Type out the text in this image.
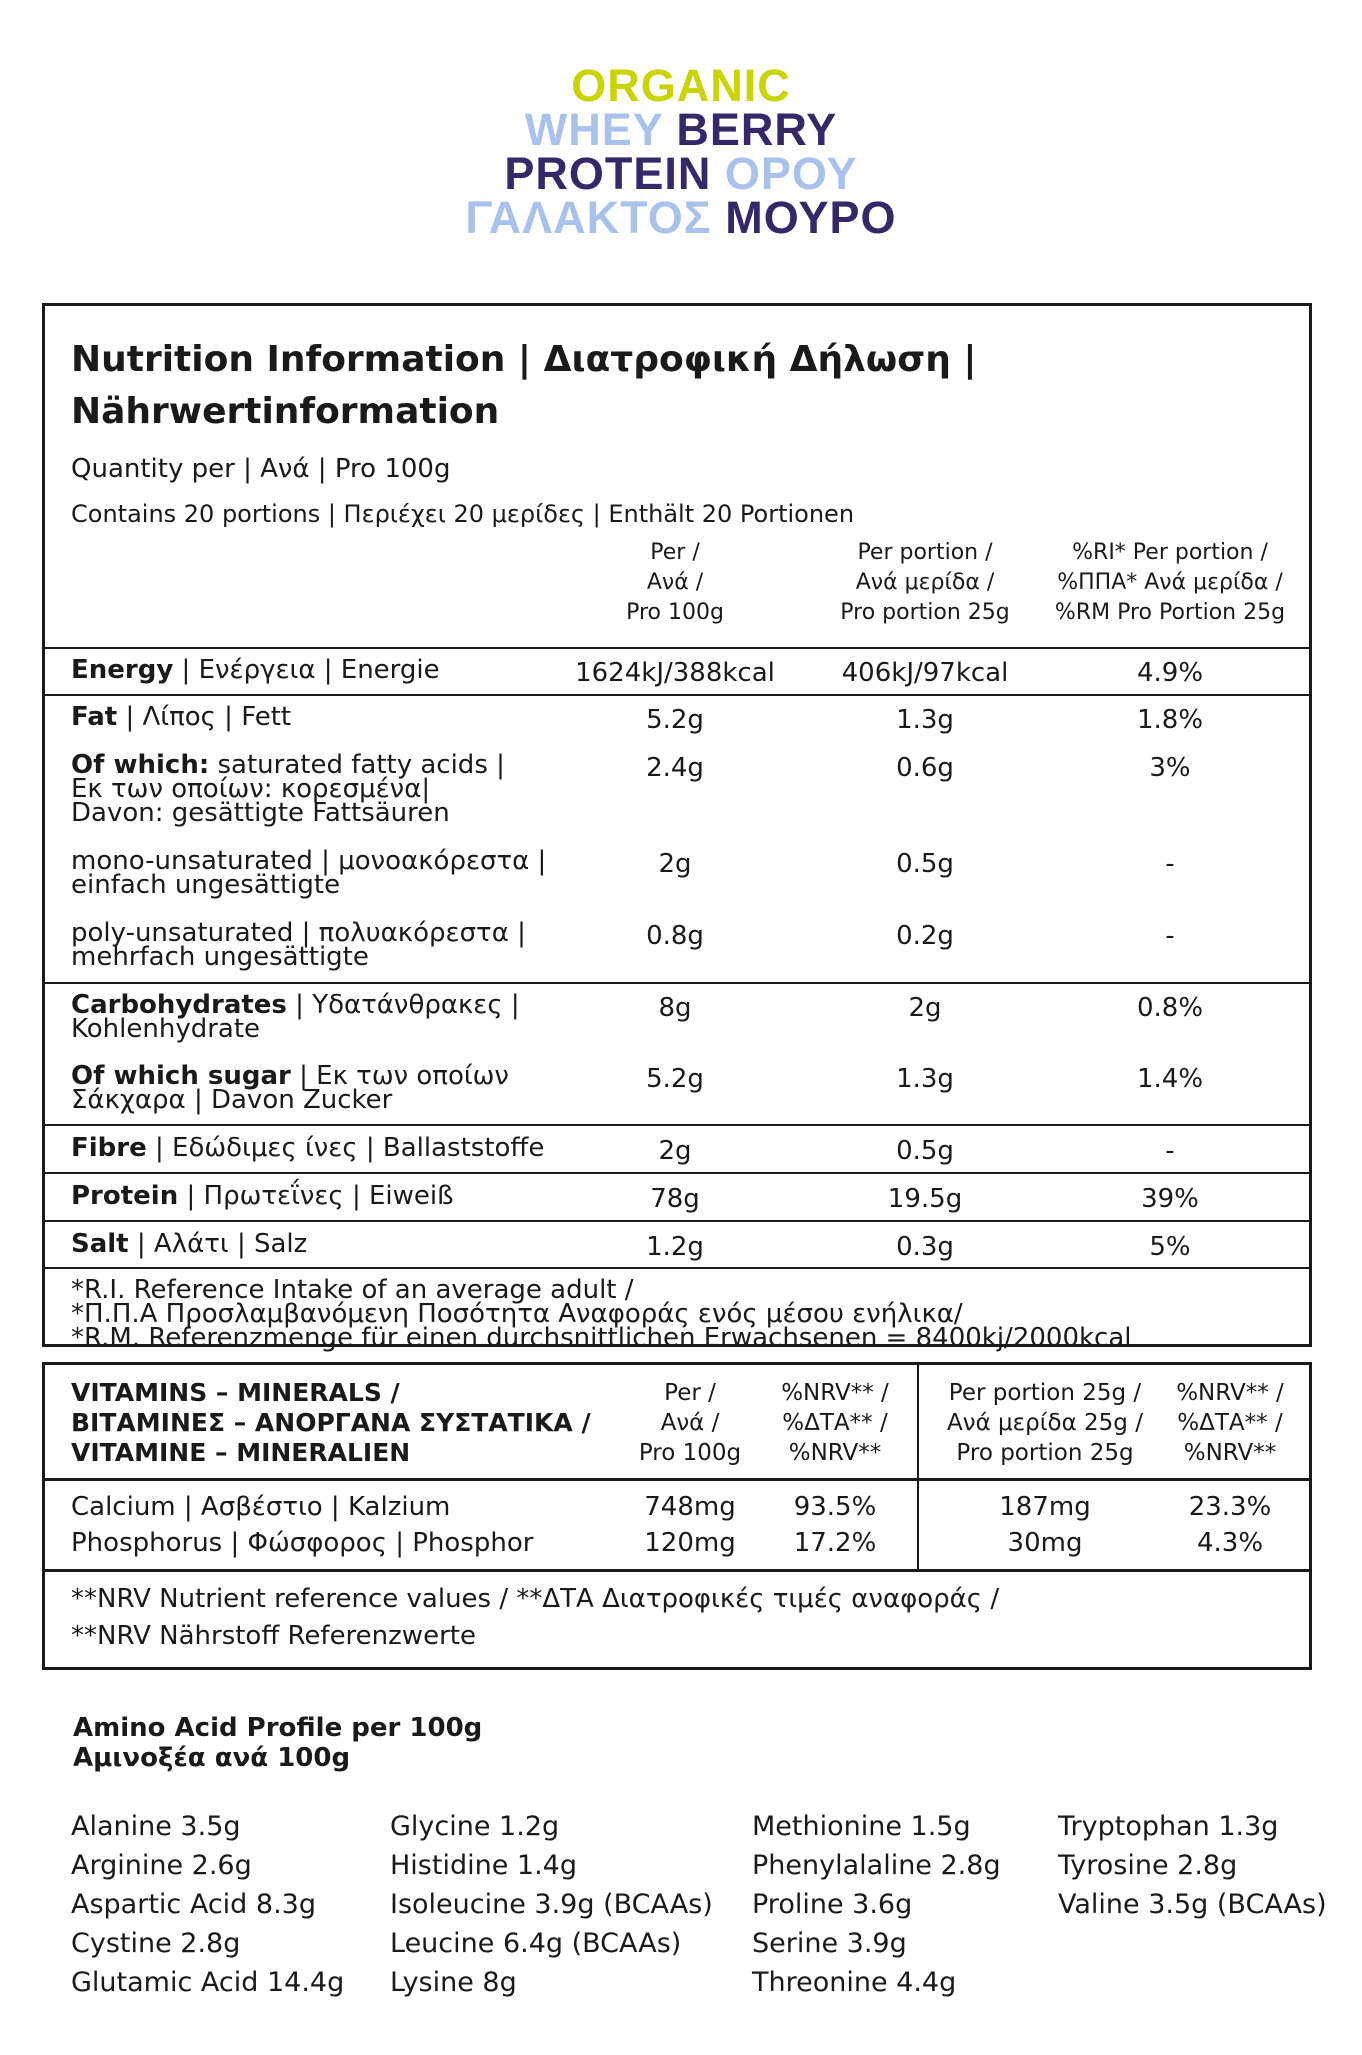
ORGANIC
WHEY BERRY
PROTEIN ΟΡΟΥ
ΓΑΛΑΚΤΟΣ ΜΟΥΡΟ
Nutrition Information | Διατροφική Δήλωση |
Nährwertinformation
Quantity per | Ανά | Pro 100g
Contains 20 portions | Περιέχει 20 μερίδες | Enthält 20 Portionen
Per /
Ανά /
Pro 100g
Per portion /
Ανά μερίδα /
Pro portion 25g
%RI* Per portion /
%ΠΠΑ* Ανά μερίδα /
%RM Pro Portion 25g
Energy | Ενέργεια | Energie	1624kJ/388kcal	406kJ/97kcal	4.9%
Fat | Λίπος | Fett	5.2g	1.3g	1.8%
Of which: saturated fatty acids |
Εκ των οποίων: κορεσμένα|
Davon: gesättigte Fattsäuren
2.4g	0.6g	3%
mono-unsaturated | μονοακόρεστα |
einfach ungesättigte
2g	0.5g	-
poly-unsaturated | πολυακόρεστα |
mehrfach ungesättigte
0.8g	0.2g	-
Carbohydrates | Υδατάνθρακες |
Kohlenhydrate
8g	2g	0.8%
Of which sugar | Εκ των οποίων
Σάκχαρα | Davon Zucker
5.2g	1.3g	1.4%
Fibre | Εδώδιμες ίνες | Ballaststoffe	2g	0.5g	-
Protein | Πρωτεΐνες | Eiweiß	78g	19.5g	39%
Salt | Αλάτι | Salz	1.2g	0.3g	5%
*R.I. Reference Intake of an average adult /
*Π.Π.Α Προσλαμβανόμενη Ποσότητα Αναφοράς ενός μέσου ενήλικα/
*R.M. Referenzmenge für einen durchsnittlichen Erwachsenen = 8400kj/2000kcal
VITAMINS – MINERALS /
ΒΙΤΑΜΙΝΕΣ – ΑΝΟΡΓΑΝΑ ΣΥΣΤΑΤΙΚΑ /
VITAMINE – MINERALIEN
Per /
Ανά /
Pro 100g
%NRV** /
%ΔΤΑ** /
%NRV**
Per portion 25g /
Ανά μερίδα 25g /
Pro portion 25g
%NRV** /
%ΔΤΑ** /
%NRV**
Calcium | Ασβέστιο | Kalzium	748mg	93.5%	187mg	23.3%
Phosphorus | Φώσφορος | Phosphor	120mg	17.2%	30mg	4.3%
**NRV Nutrient reference values / **ΔΤΑ Διατροφικές τιμές αναφοράς /
**NRV Nährstoff Referenzwerte
Amino Acid Profile per 100g
Αμινοξέα ανά 100g
Alanine 3.5g
Arginine 2.6g
Aspartic Acid 8.3g
Cystine 2.8g
Glutamic Acid 14.4g
Glycine 1.2g
Histidine 1.4g
Isoleucine 3.9g (BCAAs)
Leucine 6.4g (BCAAs)
Lysine 8g
Methionine 1.5g
Phenylalaline 2.8g
Proline 3.6g
Serine 3.9g
Threonine 4.4g
Tryptophan 1.3g
Tyrosine 2.8g
Valine 3.5g (BCAAs)
